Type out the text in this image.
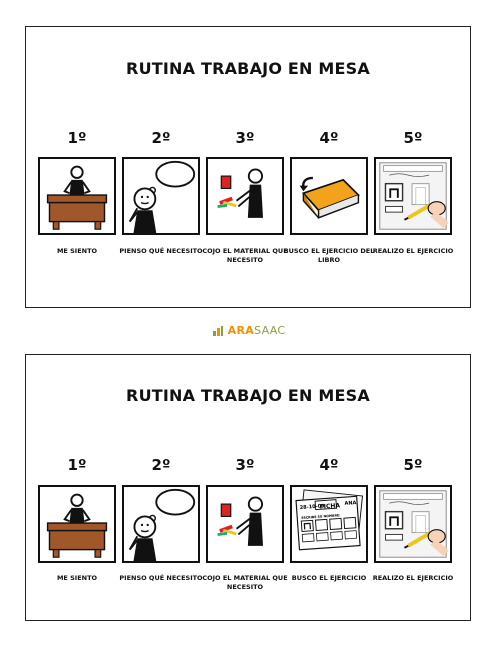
RUTINA TRABAJO EN MESA
1º
ME SIENTO
2º
PIENSO QUÉ NECESITO
3º
COJO EL MATERIAL QUE NECESITO
4º
BUSCO EL EJERCICIO DEL LIBRO
5º
REALIZO EL EJERCICIO
ARA SAAC
RUTINA TRABAJO EN MESA
1º
ME SIENTO
2º
PIENSO QUÉ NECESITO
3º
COJO EL MATERIAL QUE NECESITO
4º
28-10-09
FICHA ANA
ESCRIBE SU NOMBRE:
BUSCO EL EJERCICIO
5º
REALIZO EL EJERCICIO
